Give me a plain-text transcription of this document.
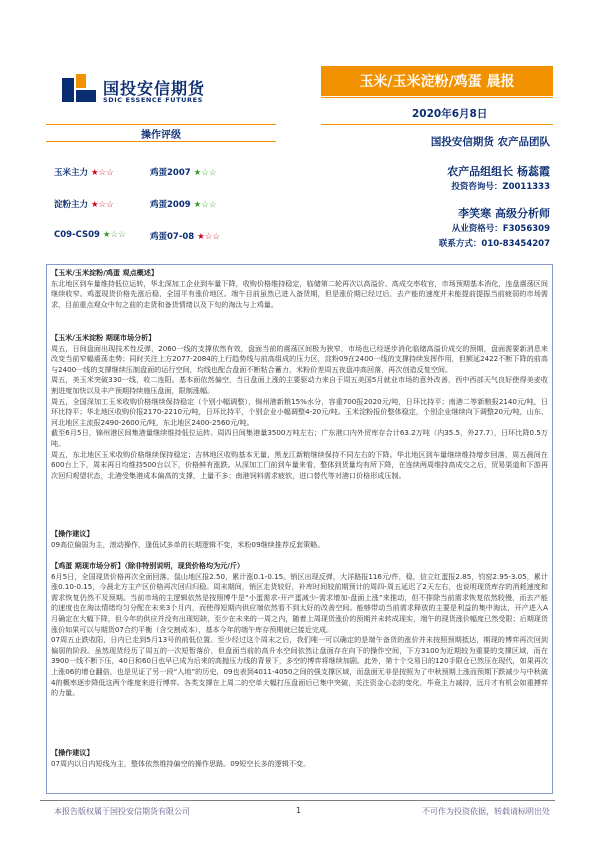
国投安信期货
SDIC ESSENCE FUTURES
玉米/玉米淀粉/鸡蛋 晨报
2020年6月8日
操作评级
玉米主力 ★☆☆	鸡蛋2007 ★☆☆
淀粉主力 ★☆☆	鸡蛋2009 ★☆☆
C09-CS09 ★☆☆	鸡蛋07-08 ★☆☆
国投安信期货 农产品团队
农产品组组长 杨蕊霞
投资咨询号：Z0011333
李笑寒 高级分析师
从业资格号：F3056309
联系方式：010-83454207
【玉米/玉米淀粉/鸡蛋 观点概述】

东北地区到车量维持低位运转，华北深加工企业到车量下降，收购价格维持稳定，临储第二轮再次以高溢价、高成交率收官，市场预期基本消化，连盘震荡区间继续收窄。鸡蛋现货价格先涨后稳，全国平有涨价地区。端午目前虽然已进入备货期，但是涨价期已经过后，去产能的速度并未能提前提振当前疲弱的市场需求，目前重点观众中旬之前的走货和备货情绪以及下旬的淘汰与上鸡量。

【玉米/玉米淀粉 期现市场分析】

周五，日间盘面出现技术性反弹，2060一线的支撑依然有效，盘面当前的震荡区间极为狭窄，市场也已经逐步消化临储高溢价成交的预期，盘面需要新消息来改变当前窄幅震荡走势；同时关注上方2077-2084的上行趋势线与前高组成的压力区，淀粉09在2400一线的支撑持续发挥作用，但额延2422不断下降的前高与2400一线的支撑继续压制盘面的运行空间，均线也配合盘面不断粘合蓄力，米粉价差周五夜盘冲高回落，再次创造反复空间。

周五，美玉米突破330一线，收二连阳。基本面依然偏空，当日盘面上涨的主要驱动力来自于周五美国5月就业市场的意外改善，西中西部天气良好使得美麦收割进度加快以及丰产预期持续施压盘面，限制涨幅。

周五，全国深加工玉米收购价格继续保持稳定（个别小幅调整），锦州港新粮15%水分，容重700报2020元/吨，日环比持平；南港二等新粮报2140元/吨，日环比持平；华北地区收购价报2170-2210元/吨，日环比持平，个别企业小幅调整4-20元/吨。玉米淀粉报价整体稳定，个别企业继续向下调整20元/吨，山东、河北地区主流报2490-2600元/吨，东北地区2400-2560元/吨。

截至6月5日，锦州港区间集港量继续维持低位运转。周四日间集港量3500万吨左右；广东港口内外贸库存合计63.2万吨（内35.5，外27.7），日环比降0.5万吨。

周五，东北地区玉米收购价格继续保持稳定；吉林地区收购基本无量，黑龙江新粮继续保持不同左右的下降。华北地区到车量继续维持增步回落，周五晨间在600台上下，周末再日均维持500台以下，价格鲜有涨跌。从深加工门前到车量来看，整体到货量均有所下降，在连续两周维持高成交之后，贸易渠道和下游再次回归观望状态，北港受集港成本偏高的支撑，上量不多；南港饲料需求疲软，进口替代等对港口价格形成压制。

【操作建议】

09高位偏弱为主，滚动操作，逢低试多单的长期逻辑不变，米粉09继续推荐反套策略。

【鸡蛋 期现市场分析】（除非特别说明，现货价格均为元/斤）

6月5日，全国现货价格再次全面回落。鼠山地区报2.50，累计涨0.1-0.15。销区出现反弹，大洋路报116元/件，稳，信立红蛋报2.85，钧窑2.95-3.05，累计涨0.10-0.15，今晨北方主产区价格再次回归归稳。周末期间，销区走货较好，补库时间较前期预计的周四-周五延迟了2天左右，也说明现货库存的消耗速度和需求恢复仍然不及预期。当前市场的主逻辑依然是按照博牛是“小蛋需求-开产蛋减少-需求增加-盘面上涨”来推动，但不排除当前需求恢复依然较慢，而去产能的速度也在淘汰情绪均匀分配在未来3个月内，而使得短期内供应端依然看不到太好的改善空间。能够带动当前需求释放的主要是利益的集中淘汰，开产进入A月确定在大幅下降，但今年的供应并没有出现短缺，至少在未来的一周之内，随着上周现货涨价的预期并未转成现实，端午的现货涨价幅度已然受限；后期现货涨价如果可以与期货07合约平衡（含交割成本），基本今年的端午库存预期就已接近完成。

07周五止跌收阳，日内已走到5月13号的前低位置。至少经过这个周末之后，我们唯一可以确定的是端午备货的涨价并未按照预期抵达，期现的博弈再次回到偏弱的阶段。虽然现货经历了周五的一次短暂落价，但盘面当前的高升水空间依然让盘面存在向下的操作空间，下方3100为近期较为重要的支撑区域，而在3900一线不断下压，40日和60日也早已成为后来的高抛压力线的背景下，多空的博弈将继续加剧。此外，第十个交易日的120手限仓已然压在现代，如果再次上涨06的增仓翻倍，也是见证了另一段“入地”的历史，09也表到4011-4050之间的强支撑区域，而盘面无非是按照为了中秋预期上涨而预期下跌减少与中秋破4的概率逐步降低这两个维度来进行博弈。各类支撑在上周二的空单大幅打压盘面后已集中突破，关注资金心态的变化，毕竟主力减持，远月才有机会如重搏弈的力量。

【操作建议】

07周内以日内短线为主，整体依然维持偏空的操作思路。09短空长多的逻辑不变。

本报告版权属于国投安信期货有限公司	1	不可作为投资依据，转载请标明出处
